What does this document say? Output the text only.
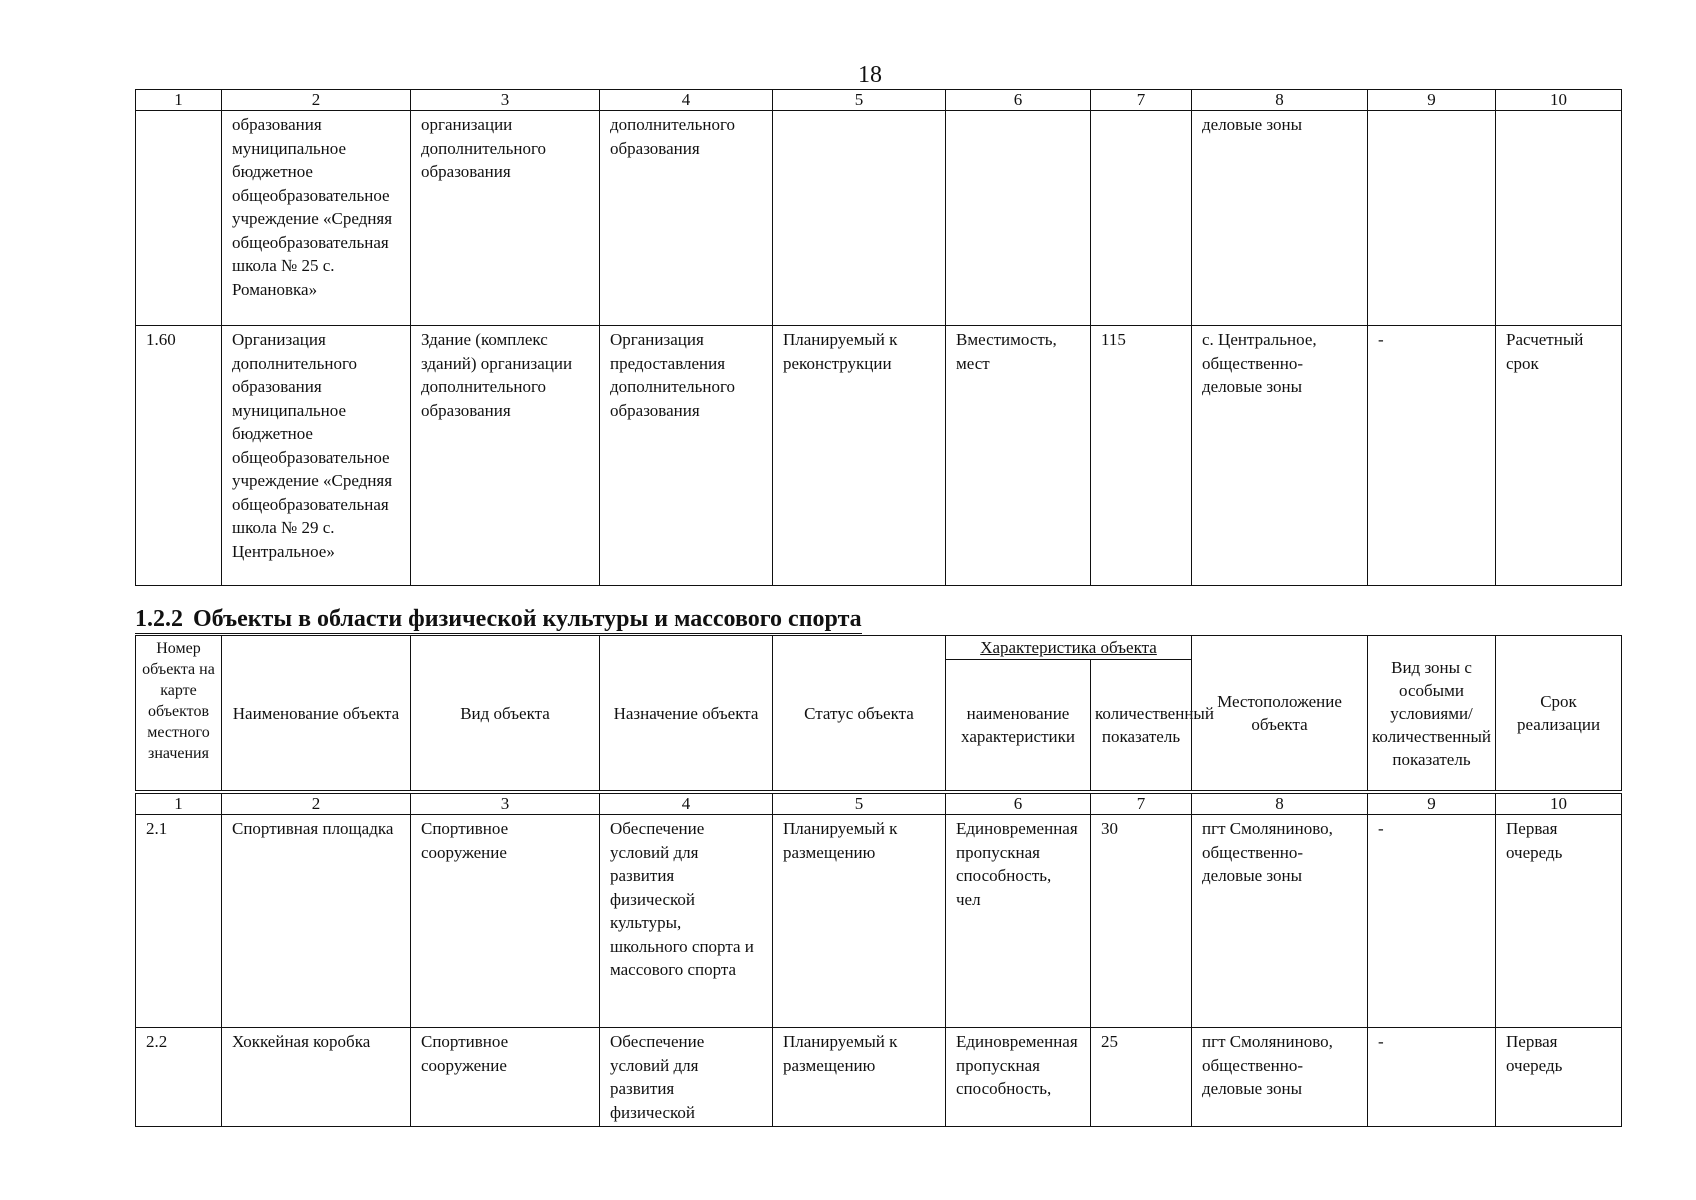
18
1	2	3	4	5	6	7	8	9	10
	образования муниципальное бюджетное общеобразовательное учреждение «Средняя общеобразовательная школа № 25 с. Романовка»	организации дополнительного образования	дополнительного образования				деловые зоны		
1.60	Организация дополнительного образования муниципальное бюджетное общеобразовательное учреждение «Средняя общеобразовательная школа № 29 с. Центральное»	Здание (комплекс зданий) организации дополнительного образования	Организация предоставления дополнительного образования	Планируемый к реконструкции	Вместимость, мест	115	с. Центральное, общественно-деловые зоны	-	Расчетный срок
1.2.2 Объекты в области физической культуры и массового спорта
Номер объекта на карте объектов местного значения	Наименование объекта	Вид объекта	Назначение объекта	Статус объекта	Характеристика объекта		Местоположение объекта	Вид зоны с особыми условиями/ количественный показатель	Срок реализации
					наименование характеристики	количественный показатель			

1	2	3	4	5	6	7	8	9	10
2.1	Спортивная площадка	Спортивное сооружение	Обеспечение условий для развития физической культуры, школьного спорта и массового спорта	Планируемый к размещению	Единовременная пропускная способность, чел	30	пгт Смоляниново, общественно-деловые зоны	-	Первая очередь
2.2	Хоккейная коробка	Спортивное сооружение	Обеспечение условий для развития физической	Планируемый к размещению	Единовременная пропускная способность,	25	пгт Смоляниново, общественно-деловые зоны	-	Первая очередь
